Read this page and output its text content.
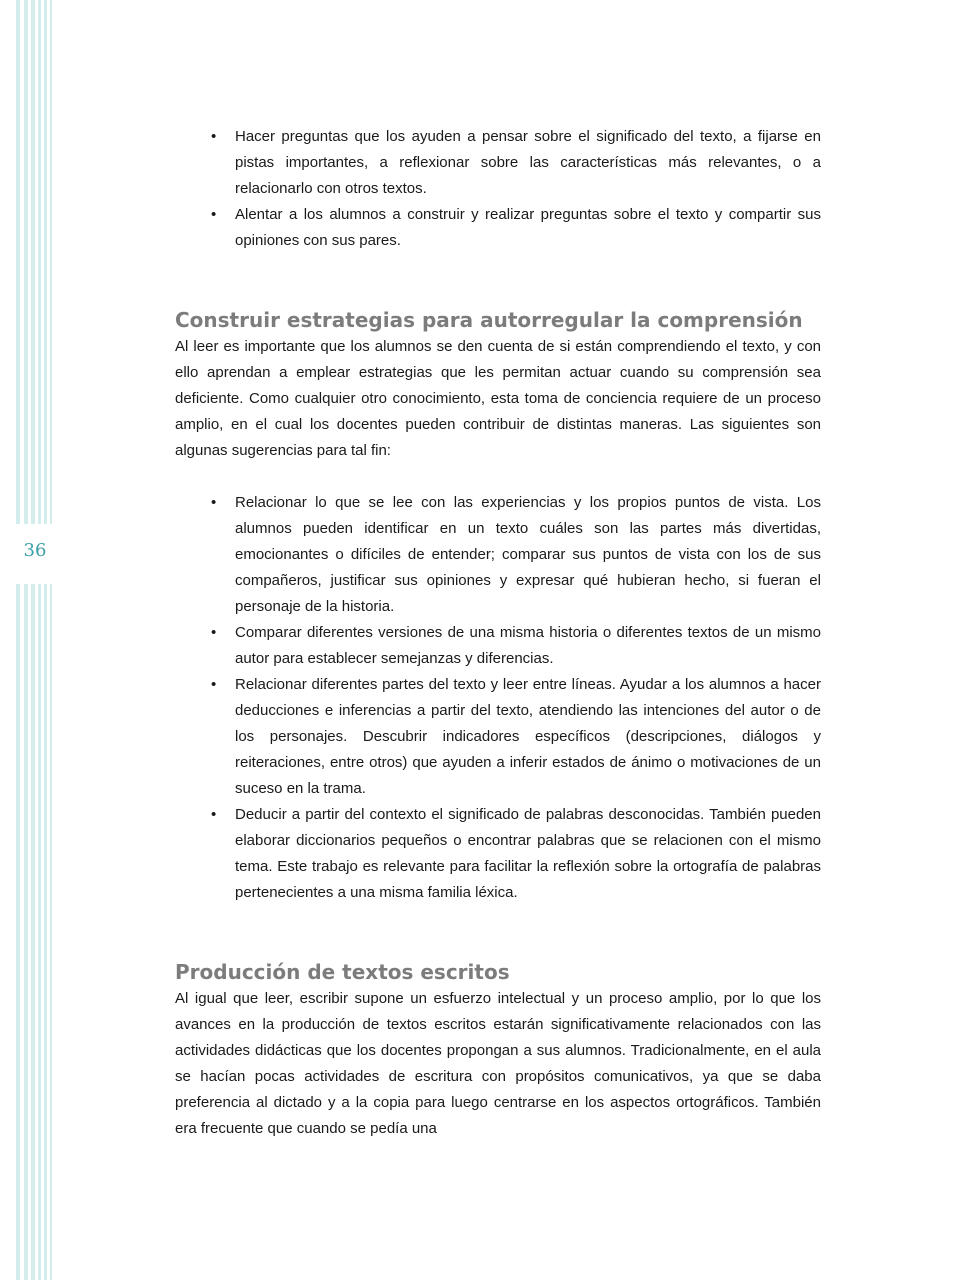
36
• Hacer preguntas que los ayuden a pensar sobre el significado del texto, a fijarse en pistas importantes, a reflexionar sobre las características más relevantes, o a relacionarlo con otros textos.
• Alentar a los alumnos a construir y realizar preguntas sobre el texto y compartir sus opiniones con sus pares.
Construir estrategias para autorregular la comprensión

Al leer es importante que los alumnos se den cuenta de si están comprendiendo el texto, y con ello aprendan a emplear estrategias que les permitan actuar cuando su comprensión sea deficiente. Como cualquier otro conocimiento, esta toma de conciencia requiere de un proceso amplio, en el cual los docentes pueden contribuir de distintas maneras. Las siguientes son algunas sugerencias para tal fin:

• Relacionar lo que se lee con las experiencias y los propios puntos de vista. Los alumnos pueden identificar en un texto cuáles son las partes más divertidas, emocionantes o difíciles de entender; comparar sus puntos de vista con los de sus compañeros, justificar sus opiniones y expresar qué hubieran hecho, si fueran el personaje de la historia.
• Comparar diferentes versiones de una misma historia o diferentes textos de un mismo autor para establecer semejanzas y diferencias.
• Relacionar diferentes partes del texto y leer entre líneas. Ayudar a los alumnos a hacer deducciones e inferencias a partir del texto, atendiendo las intenciones del autor o de los personajes. Descubrir indicadores específicos (descripciones, diálogos y reiteraciones, entre otros) que ayuden a inferir estados de ánimo o motivaciones de un suceso en la trama.
• Deducir a partir del contexto el significado de palabras desconocidas. También pueden elaborar diccionarios pequeños o encontrar palabras que se relacionen con el mismo tema. Este trabajo es relevante para facilitar la reflexión sobre la ortografía de palabras pertenecientes a una misma familia léxica.
Producción de textos escritos

Al igual que leer, escribir supone un esfuerzo intelectual y un proceso amplio, por lo que los avances en la producción de textos escritos estarán significativamente relacionados con las actividades didácticas que los docentes propongan a sus alumnos. Tradicionalmente, en el aula se hacían pocas actividades de escritura con propósitos comunicativos, ya que se daba preferencia al dictado y a la copia para luego centrarse en los aspectos ortográficos. También era frecuente que cuando se pedía una
